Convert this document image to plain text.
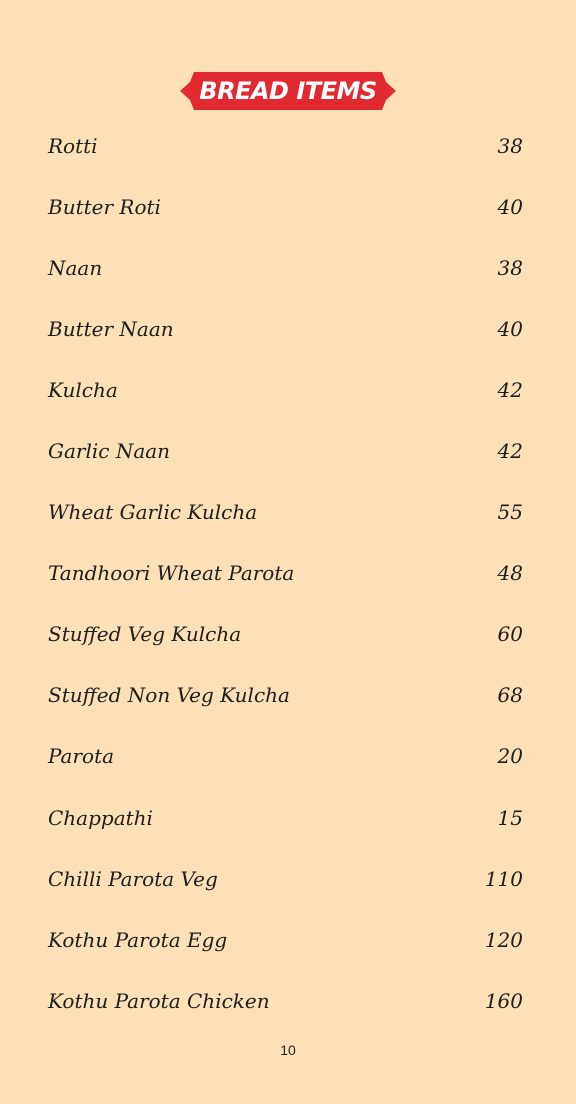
BREAD ITEMS
Rotti	38
Butter Roti	40
Naan	38
Butter Naan	40
Kulcha	42
Garlic Naan	42
Wheat Garlic Kulcha	55
Tandhoori Wheat Parota	48
Stuffed Veg Kulcha	60
Stuffed Non Veg Kulcha	68
Parota	20
Chappathi	15
Chilli Parota Veg	110
Kothu Parota Egg	120
Kothu Parota Chicken	160
10
